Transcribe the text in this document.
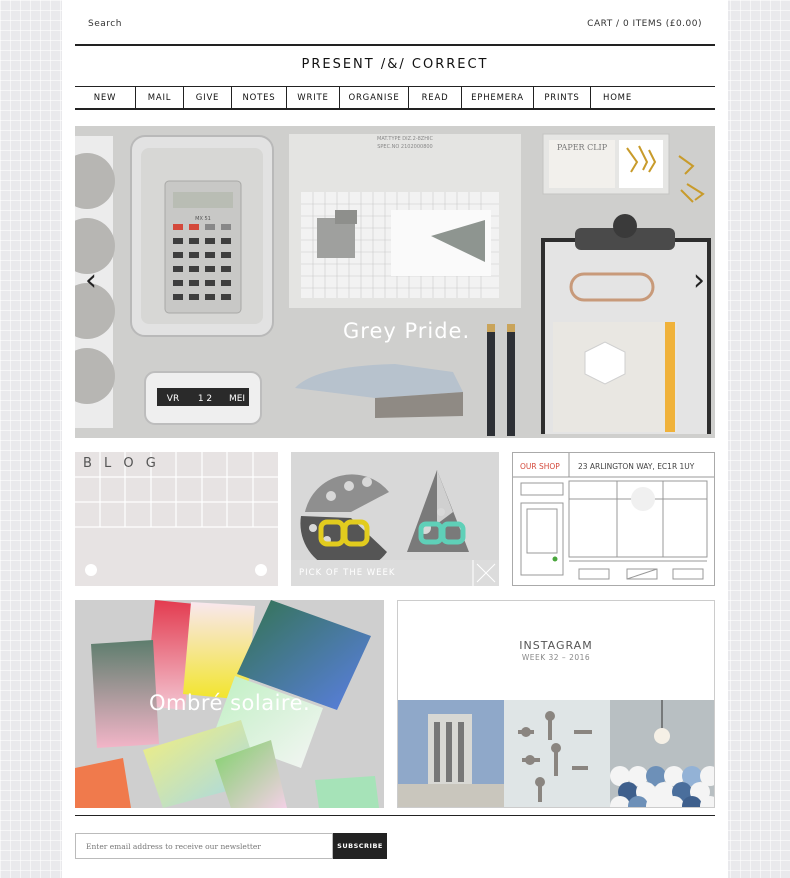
Search	CART / 0 ITEMS (£0.00)
PRESENT /&/ CORRECT
NEW	MAIL	GIVE	NOTES	WRITE	ORGANISE	READ	EPHEMERA	PRINTS	HOME
MX 51
VR 1 2 MEI
MAT.TYPE DIZ.2-8ZHIC
SPEC.NO 2102000800	PAPER CLIP
Grey Pride.
‹	›
B L O G
PICK OF THE WEEK
OUR SHOP 23 ARLINGTON WAY, EC1R 1UY
Ombré solaire.
INSTAGRAM
WEEK 32 – 2016
Enter email address to receive our newsletter	SUBSCRIBE
